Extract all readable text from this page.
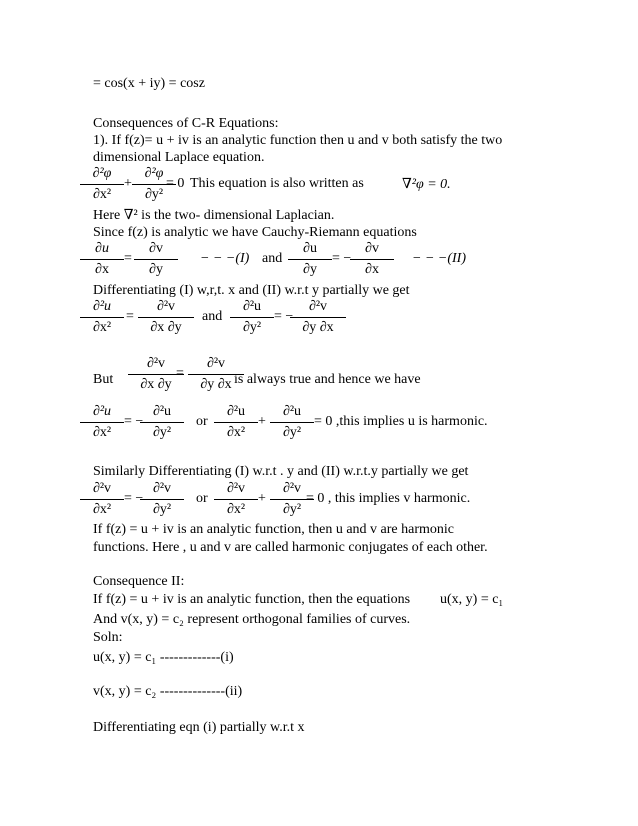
= cos(x + iy) = cosz
Consequences of C-R Equations:
1). If f(z)= u + iv is an analytic function then u and v both satisfy the two
dimensional Laplace equation.
$\frac{\text{∂²φ}}{\text{∂x²}} + \frac{\text{∂²φ}}{\text{∂y²}}$
= 0 This equation is also written as	∇²φ = 0.
Here ∇² is the two- dimensional Laplacian.
Since f(z) is analytic we have Cauchy-Riemann equations
$\frac{\partial u}{\partial x} = \frac{\partial v}{\partial y}$ − − −(I) and $\frac{\partial u}{\partial y}$ = −
$\frac{\partial v}{\partial x}$ − − −(II)
Differentiating (I) w,r,t. x and (II) w.r.t y partially we get
$\frac{\text{∂²u}}{\text{∂x²}} = \frac{\text{∂²v}}{\partial x \partial y}$ and $\frac{\text{∂²u}}{\text{∂y²}}$ = −
$\frac{\text{∂²v}}{\partial y \partial x}$
But $\frac{\text{∂²v}}{\partial x \partial y}$
= $\frac{\text{∂²v}}{\partial y \partial x}$
is always true and hence we have
$\frac{\text{∂²u}}{\text{∂x²}}$ = −
$\frac{\text{∂²u}}{\text{∂y²}}$ or $\frac{\text{∂²u}}{\text{∂x²}} + \frac{\text{∂²u}}{\text{∂y²}} = 0$ ,this implies u is harmonic.
Similarly Differentiating (I) w.r.t . y and (II) w.r.t.y partially we get
$\frac{\text{∂²v}}{\text{∂x²}}$ = −
$\frac{\text{∂²v}}{\text{∂y²}}$ or $\frac{\text{∂²v}}{\text{∂x²}} + \frac{\text{∂²v}}{\text{∂y²}}$
= 0 , this implies v harmonic.
If f(z) = u + iv is an analytic function, then u and v are harmonic
functions. Here , u and v are called harmonic conjugates of each other.
Consequence II:
If f(z) = u + iv is an analytic function, then the equations u(x, y) = c₁
And v(x, y) = c₂ represent orthogonal families of curves.
Soln:
u(x, y) = c₁ -------------(i)
v(x, y) = c₂ --------------(ii)
Differentiating eqn (i) partially w.r.t x
